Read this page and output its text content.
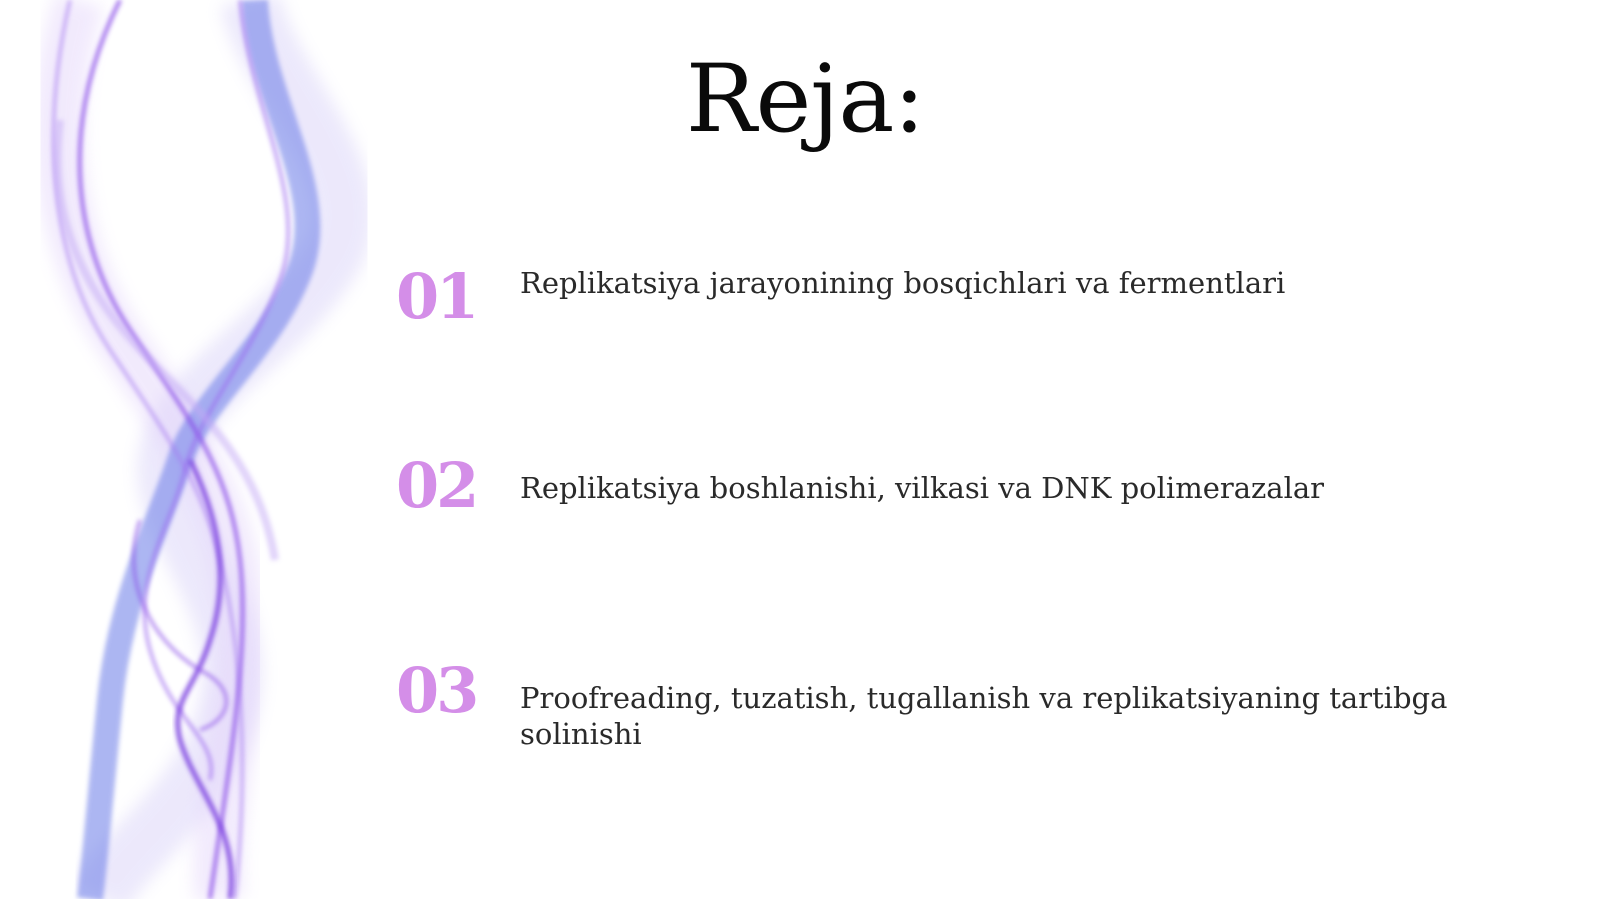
Reja:
01 Replikatsiya jarayonining bosqichlari va fermentlari
02 Replikatsiya boshlanishi, vilkasi va DNK polimerazalar
03 Proofreading, tuzatish, tugallanish va replikatsiyaning tartibga solinishi
